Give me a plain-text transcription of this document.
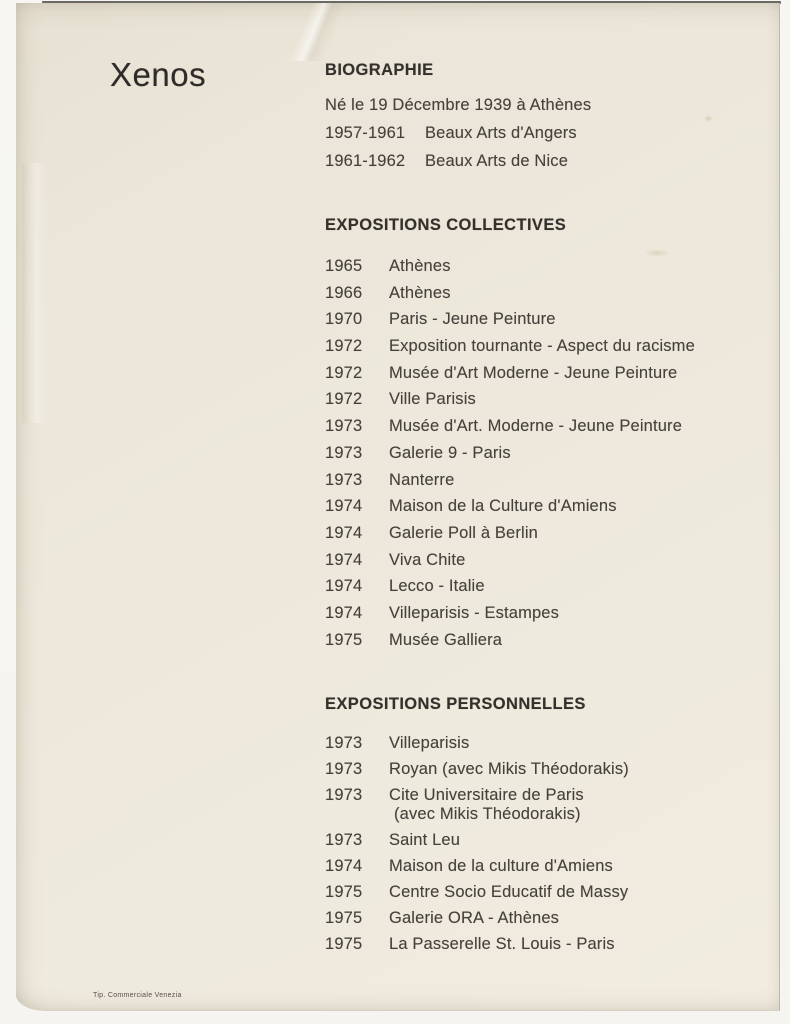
Xenos	BIOGRAPHIE
Né le 19 Décembre 1939 à Athènes
1957-1961	Beaux Arts d'Angers
1961-1962	Beaux Arts de Nice
EXPOSITIONS COLLECTIVES
1965	Athènes
1966	Athènes
1970	Paris - Jeune Peinture
1972	Exposition tournante - Aspect du racisme
1972	Musée d'Art Moderne - Jeune Peinture
1972	Ville Parisis
1973	Musée d'Art. Moderne - Jeune Peinture
1973	Galerie 9 - Paris
1973	Nanterre
1974	Maison de la Culture d'Amiens
1974	Galerie Poll à Berlin
1974	Viva Chite
1974	Lecco - Italie
1974	Villeparisis - Estampes
1975	Musée Galliera
EXPOSITIONS PERSONNELLES
1973	Villeparisis
1973	Royan (avec Mikis Théodorakis)
1973	Cite Universitaire de Paris
(avec Mikis Théodorakis)
1973	Saint Leu
1974	Maison de la culture d'Amiens
1975	Centre Socio Educatif de Massy
1975	Galerie ORA - Athènes
1975	La Passerelle St. Louis - Paris
Tip. Commerciale Venezia
